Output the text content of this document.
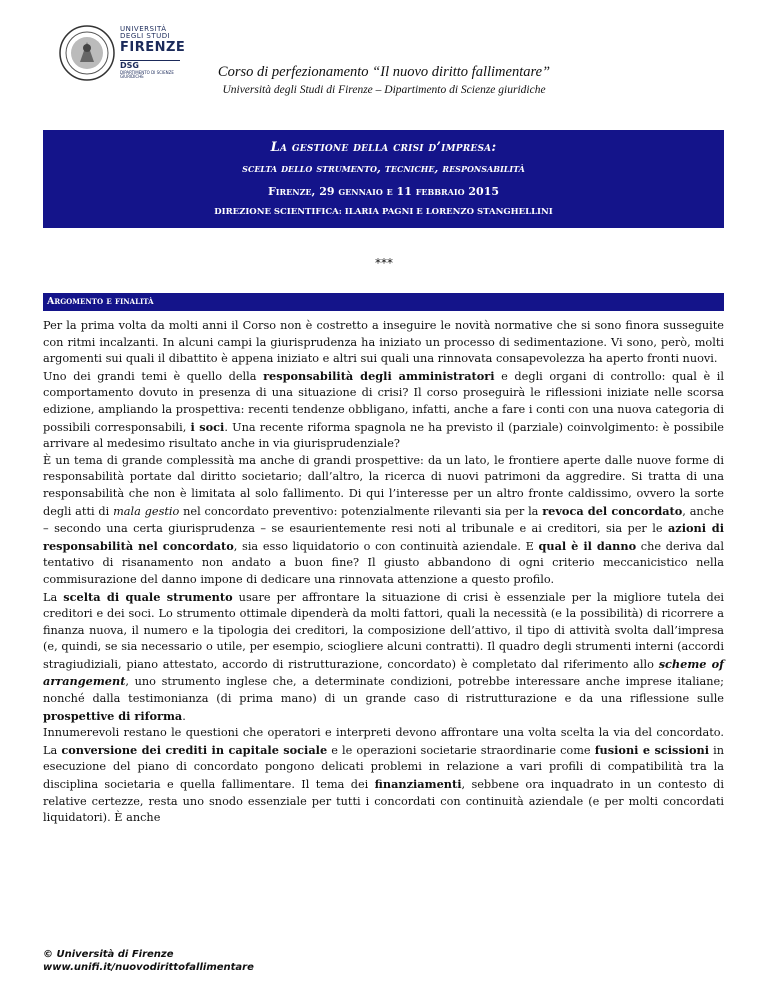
UNIVERSITÀ
DEGLI STUDI
FIRENZE
DSG
DIPARTIMENTO DI SCIENZE GIURIDICHE	Corso di perfezionamento “Il nuovo diritto fallimentare”
Università degli Studi di Firenze – Dipartimento di Scienze giuridiche
La gestione della crisi d’impresa:
scelta dello strumento, tecniche, responsabilità
Firenze, 29 gennaio e 11 febbraio 2015
DIREZIONE SCIENTIFICA: ILARIA PAGNI E LORENZO STANGHELLINI
***
Argomento e finalità

Per la prima volta da molti anni il Corso non è costretto a inseguire le novità normative che si sono finora susseguite con ritmi incalzanti. In alcuni campi la giurisprudenza ha iniziato un processo di sedimentazione. Vi sono, però, molti argomenti sui quali il dibattito è appena iniziato e altri sui quali una rinnovata consapevolezza ha aperto fronti nuovi.

Uno dei grandi temi è quello della responsabilità degli amministratori e degli organi di controllo: qual è il comportamento dovuto in presenza di una situazione di crisi? Il corso proseguirà le riflessioni iniziate nelle scorsa edizione, ampliando la prospettiva: recenti tendenze obbligano, infatti, anche a fare i conti con una nuova categoria di possibili corresponsabili, i soci. Una recente riforma spagnola ne ha previsto il (parziale) coinvolgimento: è possibile arrivare al medesimo risultato anche in via giurisprudenziale?

È un tema di grande complessità ma anche di grandi prospettive: da un lato, le frontiere aperte dalle nuove forme di responsabilità portate dal diritto societario; dall’altro, la ricerca di nuovi patrimoni da aggredire. Si tratta di una responsabilità che non è limitata al solo fallimento. Di qui l’interesse per un altro fronte caldissimo, ovvero la sorte degli atti di mala gestio nel concordato preventivo: potenzialmente rilevanti sia per la revoca del concordato, anche – secondo una certa giurisprudenza – se esaurientemente resi noti al tribunale e ai creditori, sia per le azioni di responsabilità nel concordato, sia esso liquidatorio o con continuità aziendale. E qual è il danno che deriva dal tentativo di risanamento non andato a buon fine? Il giusto abbandono di ogni criterio meccanicistico nella commisurazione del danno impone di dedicare una rinnovata attenzione a questo profilo.

La scelta di quale strumento usare per affrontare la situazione di crisi è essenziale per la migliore tutela dei creditori e dei soci. Lo strumento ottimale dipenderà da molti fattori, quali la necessità (e la possibilità) di ricorrere a finanza nuova, il numero e la tipologia dei creditori, la composizione dell’attivo, il tipo di attività svolta dall’impresa (e, quindi, se sia necessario o utile, per esempio, sciogliere alcuni contratti). Il quadro degli strumenti interni (accordi stragiudiziali, piano attestato, accordo di ristrutturazione, concordato) è completato dal riferimento allo scheme of arrangement, uno strumento inglese che, a determinate condizioni, potrebbe interessare anche imprese italiane; nonché dalla testimonianza (di prima mano) di un grande caso di ristrutturazione e da una riflessione sulle prospettive di riforma.

Innumerevoli restano le questioni che operatori e interpreti devono affrontare una volta scelta la via del concordato. La conversione dei crediti in capitale sociale e le operazioni societarie straordinarie come fusioni e scissioni in esecuzione del piano di concordato pongono delicati problemi in relazione a vari profili di compatibilità tra la disciplina societaria e quella fallimentare. Il tema dei finanziamenti, sebbene ora inquadrato in un contesto di relative certezze, resta uno snodo essenziale per tutti i concordati con continuità aziendale (e per molti concordati liquidatori). È anche

© Università di Firenze
www.unifi.it/nuovodirittofallimentare
